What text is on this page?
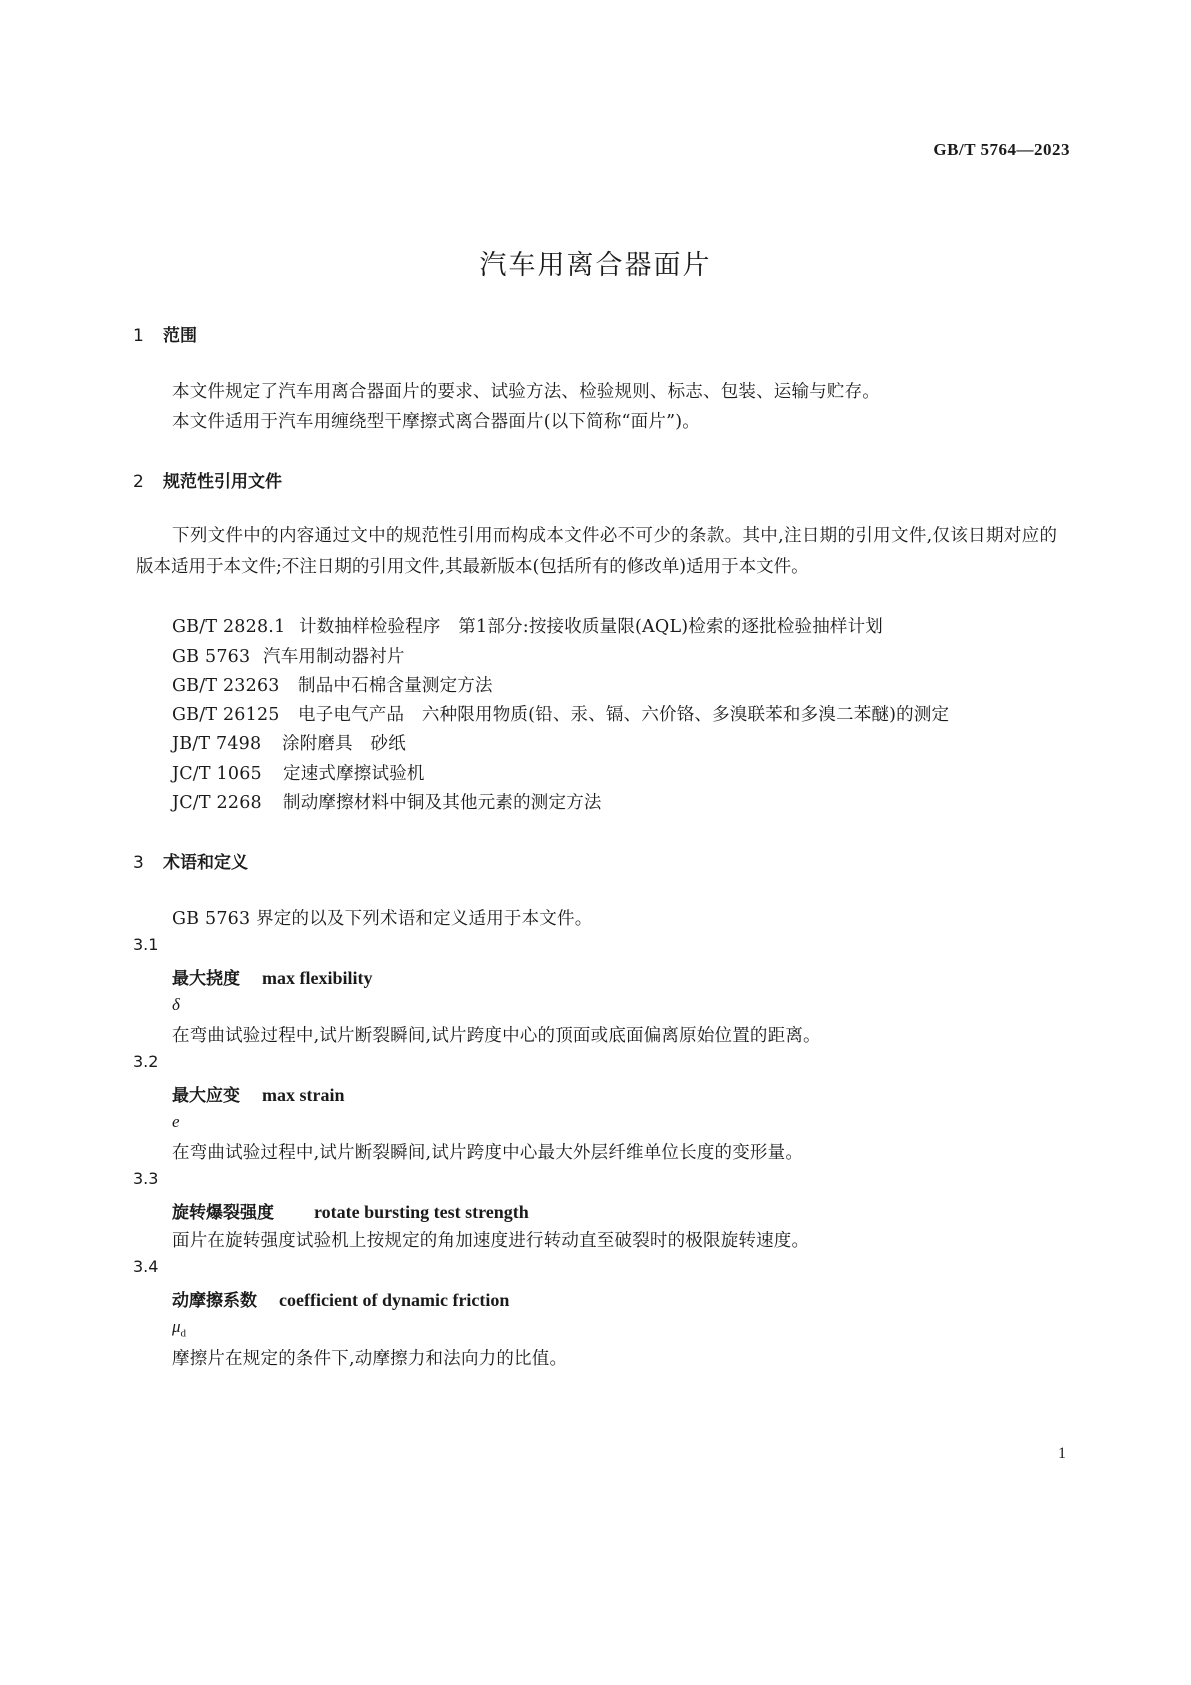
GB/T 5764—2023
汽车用离合器面片
1 范围
本文件规定了汽车用离合器面片的要求、试验方法、检验规则、标志、包装、运输与贮存。
本文件适用于汽车用缠绕型干摩擦式离合器面片(以下简称“面片”)。
2 规范性引用文件

下列文件中的内容通过文中的规范性引用而构成本文件必不可少的条款。其中,注日期的引用文件,仅该日期对应的版本适用于本文件;不注日期的引用文件,其最新版本(包括所有的修改单)适用于本文件。

GB/T 2828.1 计数抽样检验程序　第1部分:按接收质量限(AQL)检索的逐批检验抽样计划
GB 5763 汽车用制动器衬片
GB/T 23263 制品中石棉含量测定方法
GB/T 26125 电子电气产品　六种限用物质(铅、汞、镉、六价铬、多溴联苯和多溴二苯醚)的测定
JB/T 7498 涂附磨具　砂纸
JC/T 1065 定速式摩擦试验机
JC/T 2268 制动摩擦材料中铜及其他元素的测定方法
3 术语和定义
GB 5763 界定的以及下列术语和定义适用于本文件。
3.1
最大挠度 max flexibility
δ
在弯曲试验过程中,试片断裂瞬间,试片跨度中心的顶面或底面偏离原始位置的距离。
3.2
最大应变 max strain
e
在弯曲试验过程中,试片断裂瞬间,试片跨度中心最大外层纤维单位长度的变形量。
3.3
旋转爆裂强度 rotate bursting test strength
面片在旋转强度试验机上按规定的角加速度进行转动直至破裂时的极限旋转速度。
3.4
动摩擦系数 coefficient of dynamic friction
$\mu_d$
摩擦片在规定的条件下,动摩擦力和法向力的比值。
1
